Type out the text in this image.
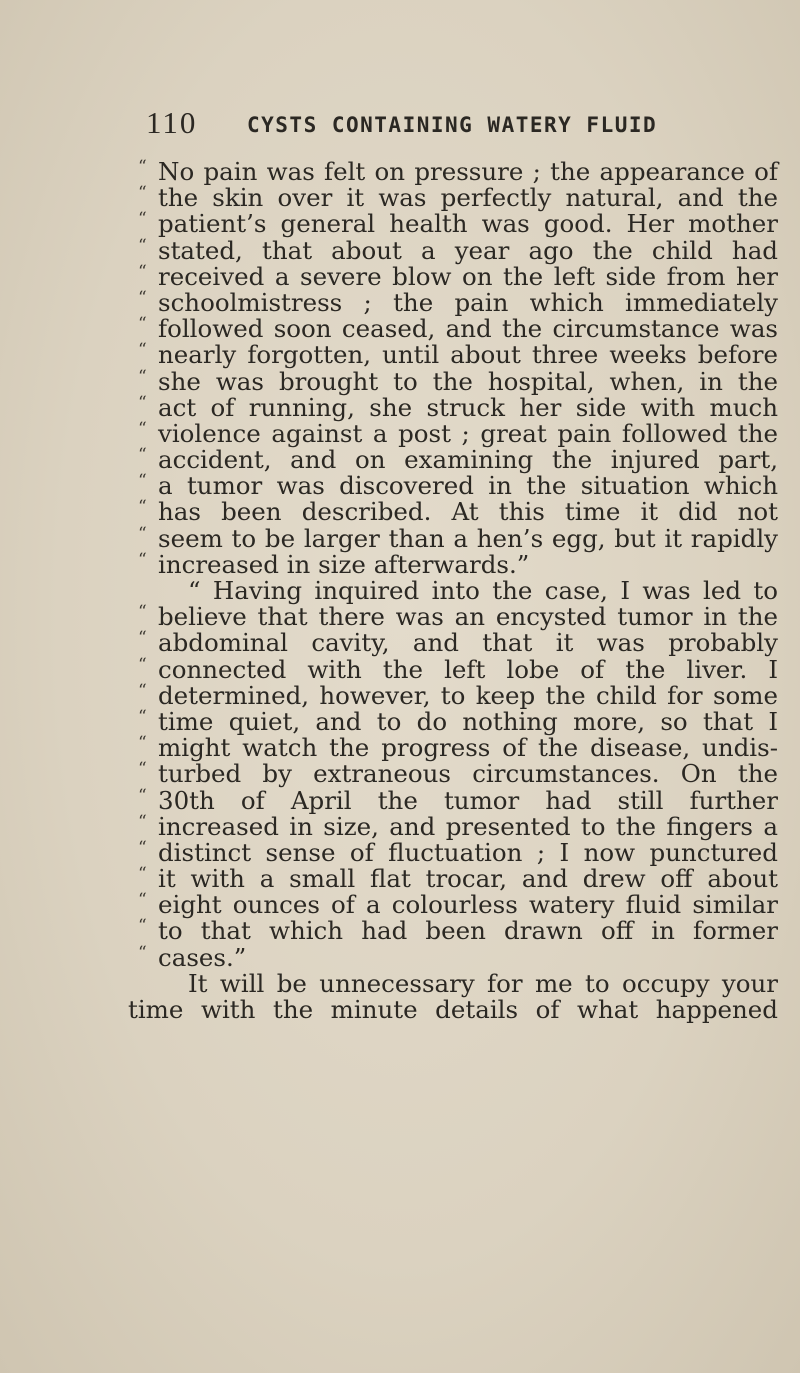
110 CYSTS CONTAINING WATERY FLUID
“ No pain was felt on pressure ; the appearance of
“ the skin over it was perfectly natural, and the
“ patient’s general health was good. Her mother
“ stated, that about a year ago the child had
“ received a severe blow on the left side from her
“ schoolmistress ; the pain which immediately
“ followed soon ceased, and the circumstance was
“ nearly forgotten, until about three weeks before
“ she was brought to the hospital, when, in the
“ act of running, she struck her side with much
“ violence against a post ; great pain followed the
“ accident, and on examining the injured part,
“ a tumor was discovered in the situation which
“ has been described. At this time it did not
“ seem to be larger than a hen’s egg, but it rapidly
“ increased in size afterwards.”
“ Having inquired into the case, I was led to
“ believe that there was an encysted tumor in the
“ abdominal cavity, and that it was probably
“ connected with the left lobe of the liver. I
“ determined, however, to keep the child for some
“ time quiet, and to do nothing more, so that I
“ might watch the progress of the disease, undis-
“ turbed by extraneous circumstances. On the
“ 30th of April the tumor had still further
“ increased in size, and presented to the fingers a
“ distinct sense of fluctuation ; I now punctured
“ it with a small flat trocar, and drew off about
“ eight ounces of a colourless watery fluid similar
“ to that which had been drawn off in former
“ cases.”
It will be unnecessary for me to occupy your
time with the minute details of what happened
